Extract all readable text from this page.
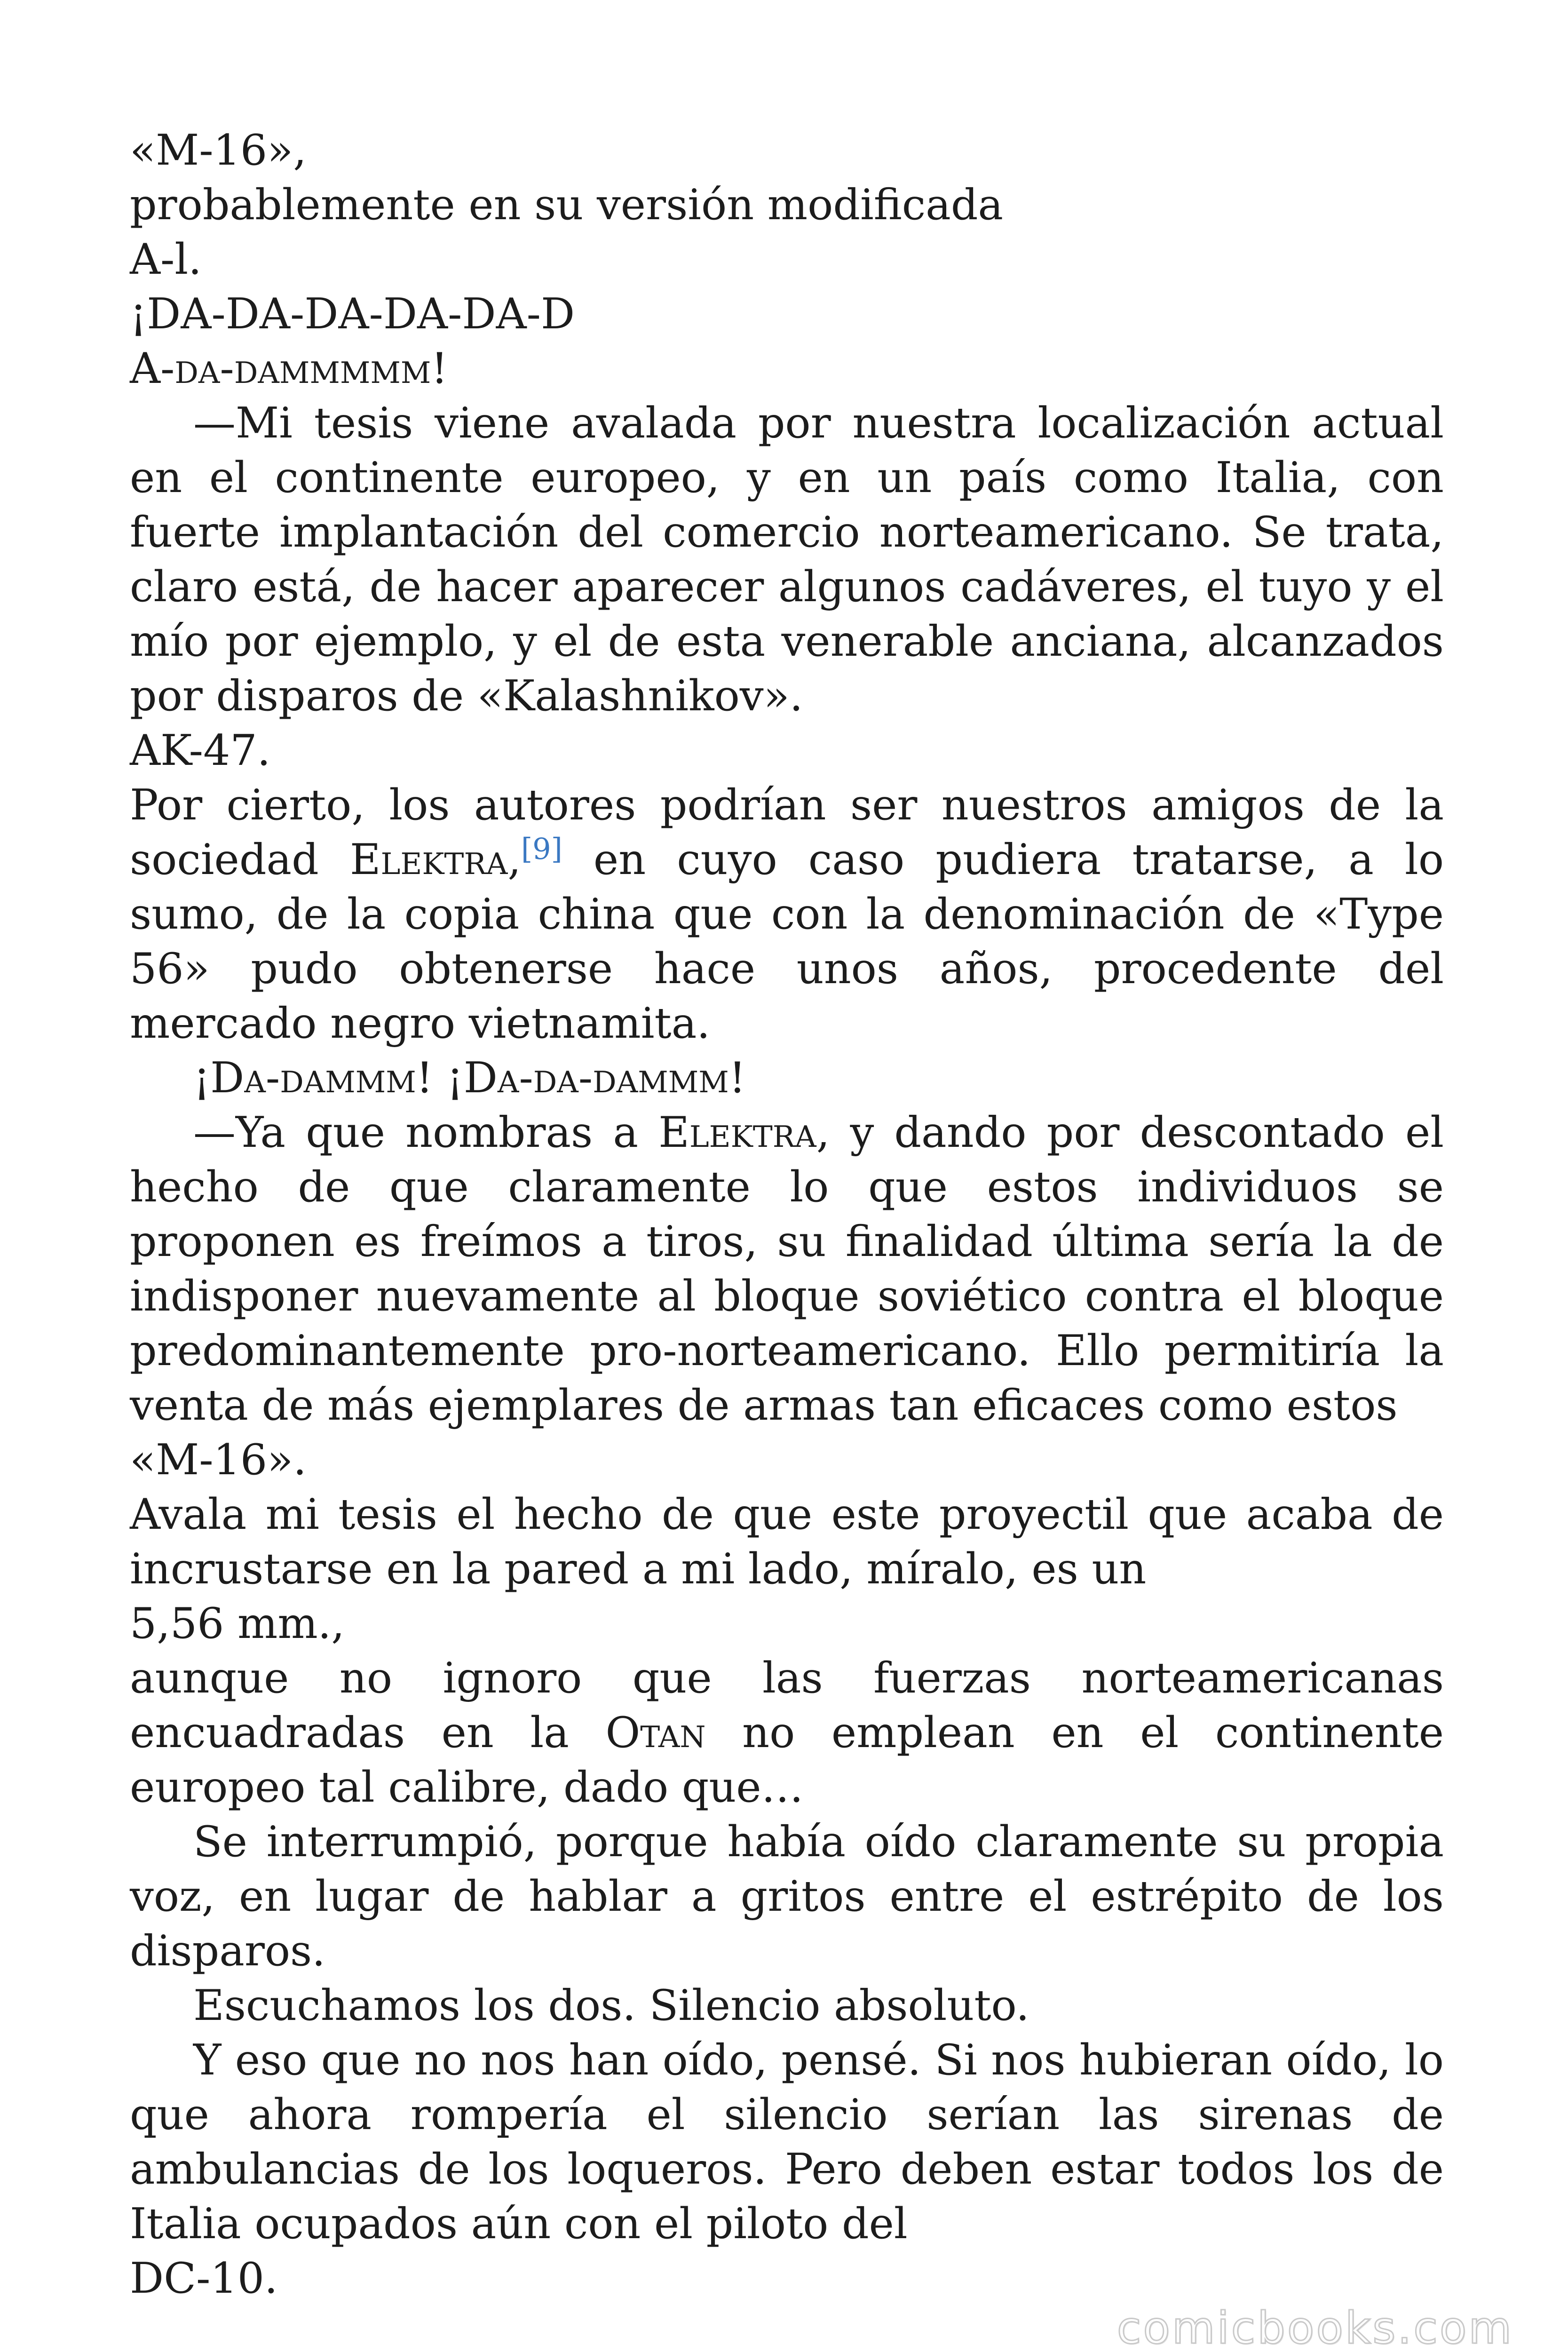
«M-16»,
probablemente en su versión modificada
A-l.
¡DA-DA-DA-DA-DA-D
A-da-dammmmm!
—Mi tesis viene avalada por nuestra localización actual en el continente europeo, y en un país como Italia, con fuerte implantación del comercio norteamericano. Se trata, claro está, de hacer aparecer algunos cadáveres, el tuyo y el mío por ejemplo, y el de esta venerable anciana, alcanzados por disparos de «Kalashnikov».
AK-47.
Por cierto, los autores podrían ser nuestros amigos de la sociedad Elektra,[9] en cuyo caso pudiera tratarse, a lo sumo, de la copia china que con la denominación de «Type 56» pudo obtenerse hace unos años, procedente del mercado negro vietnamita.
¡Da-dammm! ¡Da-da-dammm!
—Ya que nombras a Elektra, y dando por descontado el hecho de que claramente lo que estos individuos se proponen es freímos a tiros, su finalidad última sería la de indisponer nuevamente al bloque soviético contra el bloque predominantemente pro-norteamericano. Ello permitiría la venta de más ejemplares de armas tan eficaces como estos
«M-16».
Avala mi tesis el hecho de que este proyectil que acaba de incrustarse en la pared a mi lado, míralo, es un
5,56 mm.,
aunque no ignoro que las fuerzas norteamericanas encuadradas en la Otan no emplean en el continente europeo tal calibre, dado que…
Se interrumpió, porque había oído claramente su propia voz, en lugar de hablar a gritos entre el estrépito de los disparos.
Escuchamos los dos. Silencio absoluto.
Y eso que no nos han oído, pensé. Si nos hubieran oído, lo que ahora rompería el silencio serían las sirenas de ambulancias de los loqueros. Pero deben estar todos los de Italia ocupados aún con el piloto del
DC-10.
comicbooks.com
